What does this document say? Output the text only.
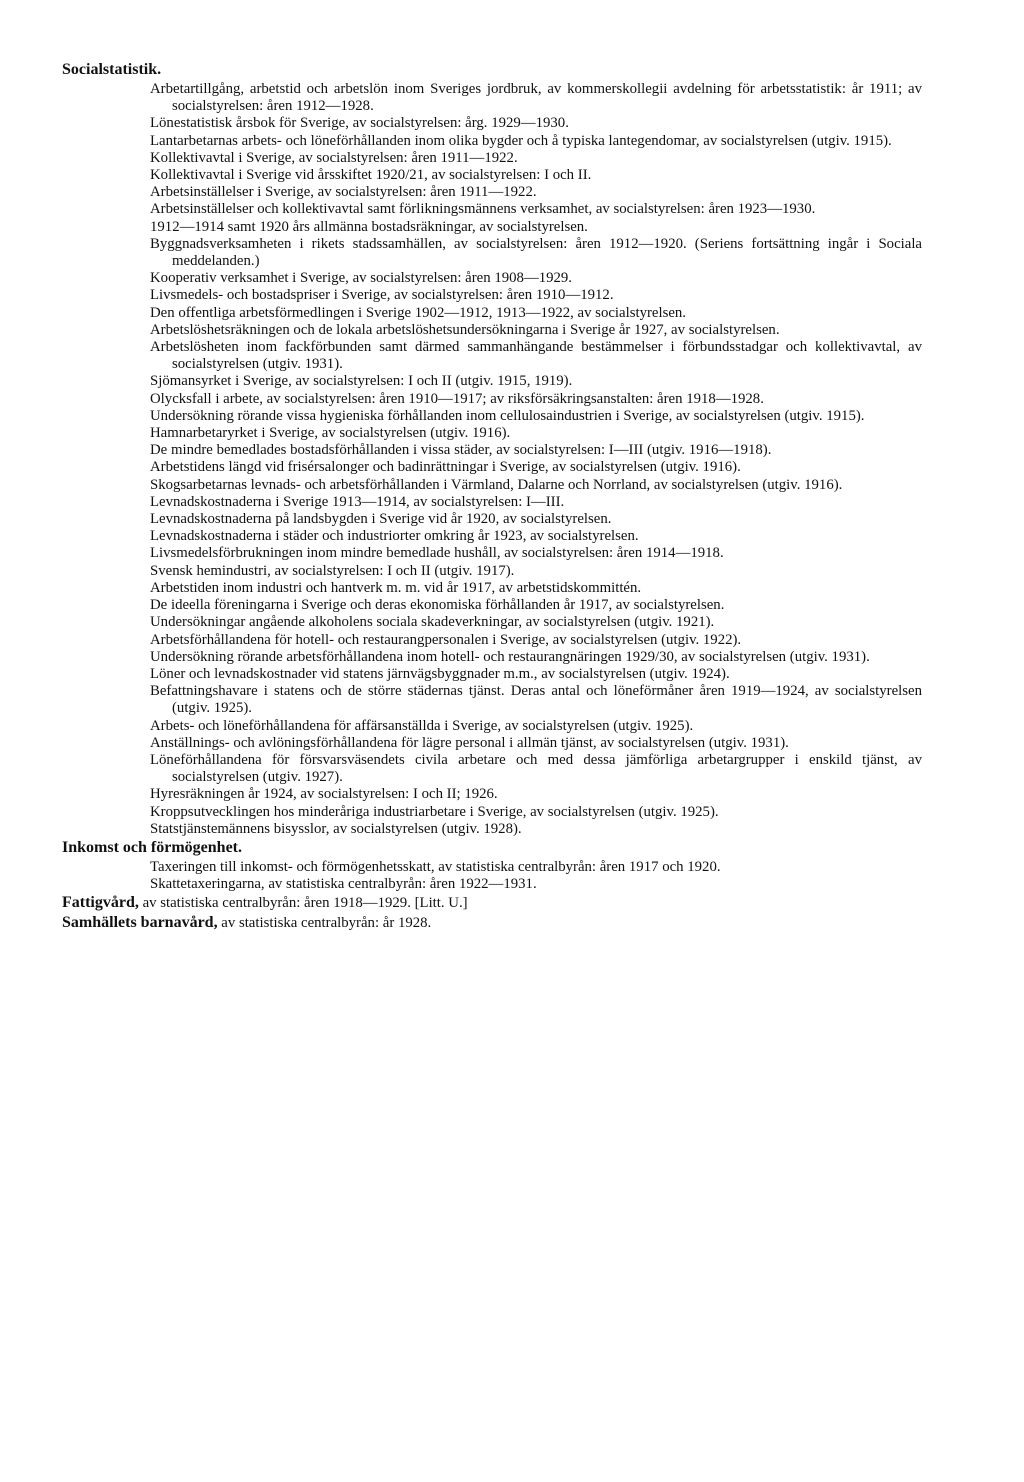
Socialstatistik.

Arbetartillgång, arbetstid och arbetslön inom Sveriges jordbruk, av kommerskollegii avdelning för arbetsstatistik: år 1911; av socialstyrelsen: åren 1912—1928.

Lönestatistisk årsbok för Sverige, av socialstyrelsen: årg. 1929—1930.

Lantarbetarnas arbets- och löneförhållanden inom olika bygder och å typiska lantegendomar, av socialstyrelsen (utgiv. 1915).

Kollektivavtal i Sverige, av socialstyrelsen: åren 1911—1922.

Kollektivavtal i Sverige vid årsskiftet 1920/21, av socialstyrelsen: I och II.

Arbetsinställelser i Sverige, av socialstyrelsen: åren 1911—1922.

Arbetsinställelser och kollektivavtal samt förlikningsmännens verksamhet, av socialstyrelsen: åren 1923—1930.

1912—1914 samt 1920 års allmänna bostadsräkningar, av socialstyrelsen.

Byggnadsverksamheten i rikets stadssamhällen, av socialstyrelsen: åren 1912—1920. (Seriens fortsättning ingår i Sociala meddelanden.)

Kooperativ verksamhet i Sverige, av socialstyrelsen: åren 1908—1929.

Livsmedels- och bostadspriser i Sverige, av socialstyrelsen: åren 1910—1912.

Den offentliga arbetsförmedlingen i Sverige 1902—1912, 1913—1922, av socialstyrelsen.

Arbetslöshetsräkningen och de lokala arbetslöshetsundersökningarna i Sverige år 1927, av socialstyrelsen.

Arbetslösheten inom fackförbunden samt därmed sammanhängande bestämmelser i förbundsstadgar och kollektivavtal, av socialstyrelsen (utgiv. 1931).

Sjömansyrket i Sverige, av socialstyrelsen: I och II (utgiv. 1915, 1919).

Olycksfall i arbete, av socialstyrelsen: åren 1910—1917; av riksförsäkringsanstalten: åren 1918—1928.

Undersökning rörande vissa hygieniska förhållanden inom cellulosaindustrien i Sverige, av socialstyrelsen (utgiv. 1915).

Hamnarbetaryrket i Sverige, av socialstyrelsen (utgiv. 1916).

De mindre bemedlades bostadsförhållanden i vissa städer, av socialstyrelsen: I—III (utgiv. 1916—1918).

Arbetstidens längd vid frisérsalonger och badinrättningar i Sverige, av socialstyrelsen (utgiv. 1916).

Skogsarbetarnas levnads- och arbetsförhållanden i Värmland, Dalarne och Norrland, av socialstyrelsen (utgiv. 1916).

Levnadskostnaderna i Sverige 1913—1914, av socialstyrelsen: I—III.

Levnadskostnaderna på landsbygden i Sverige vid år 1920, av socialstyrelsen.

Levnadskostnaderna i städer och industriorter omkring år 1923, av socialstyrelsen.

Livsmedelsförbrukningen inom mindre bemedlade hushåll, av socialstyrelsen: åren 1914—1918.

Svensk hemindustri, av socialstyrelsen: I och II (utgiv. 1917).

Arbetstiden inom industri och hantverk m. m. vid år 1917, av arbetstidskommittén.

De ideella föreningarna i Sverige och deras ekonomiska förhållanden år 1917, av socialstyrelsen.

Undersökningar angående alkoholens sociala skadeverkningar, av socialstyrelsen (utgiv. 1921).

Arbetsförhållandena för hotell- och restaurangpersonalen i Sverige, av socialstyrelsen (utgiv. 1922).

Undersökning rörande arbetsförhållandena inom hotell- och restaurangnäringen 1929/30, av socialstyrelsen (utgiv. 1931).

Löner och levnadskostnader vid statens järnvägsbyggnader m.m., av socialstyrelsen (utgiv. 1924).

Befattningshavare i statens och de större städernas tjänst. Deras antal och löneförmåner åren 1919—1924, av socialstyrelsen (utgiv. 1925).

Arbets- och löneförhållandena för affärsanställda i Sverige, av socialstyrelsen (utgiv. 1925).

Anställnings- och avlöningsförhållandena för lägre personal i allmän tjänst, av socialstyrelsen (utgiv. 1931).

Löneförhållandena för försvarsväsendets civila arbetare och med dessa jämförliga arbetargrupper i enskild tjänst, av socialstyrelsen (utgiv. 1927).

Hyresräkningen år 1924, av socialstyrelsen: I och II; 1926.

Kroppsutvecklingen hos minderåriga industriarbetare i Sverige, av socialstyrelsen (utgiv. 1925).

Statstjänstemännens bisysslor, av socialstyrelsen (utgiv. 1928).

Inkomst och förmögenhet.

Taxeringen till inkomst- och förmögenhetsskatt, av statistiska centralbyrån: åren 1917 och 1920.

Skattetaxeringarna, av statistiska centralbyrån: åren 1922—1931.

Fattigvård, av statistiska centralbyrån: åren 1918—1929. [Litt. U.]

Samhällets barnavård, av statistiska centralbyrån: år 1928.
